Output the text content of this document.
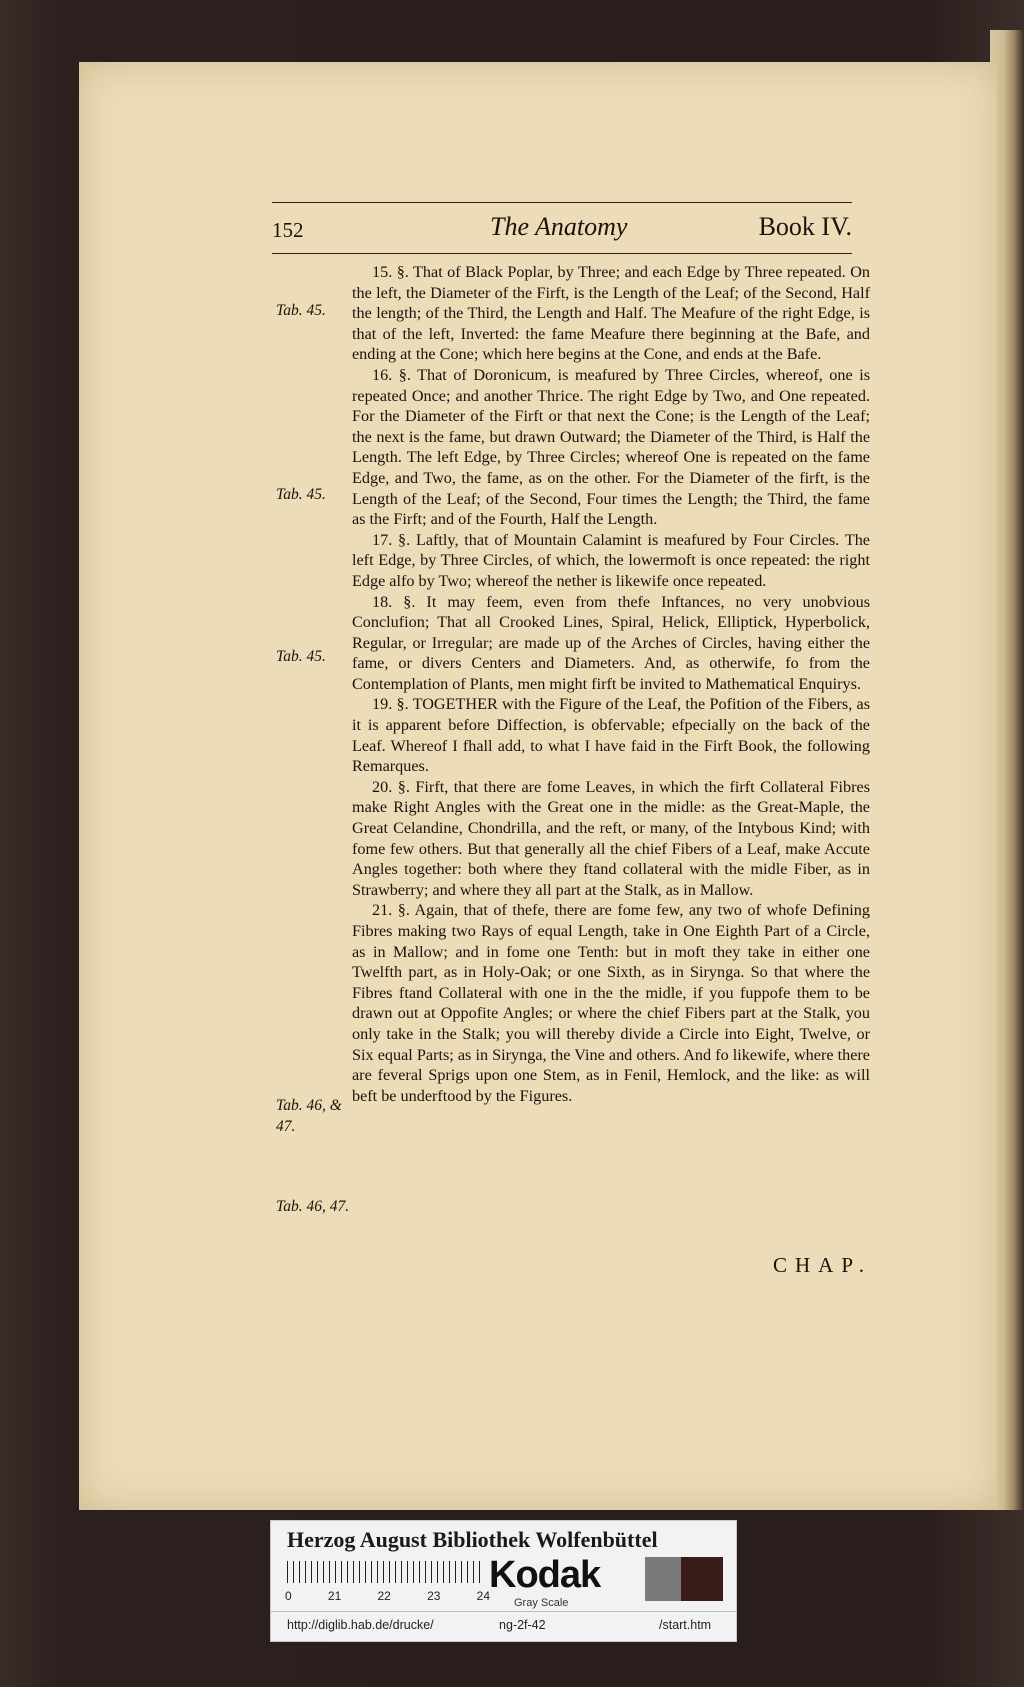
152	The Anatomy	Book IV.
Tab. 45.
Tab. 45.
Tab. 45.
Tab. 46, &
47.
Tab. 46, 47.

15. §. That of Black Poplar, by Three; and each Edge by Three repeated. On the left, the Diameter of the Firft, is the Length of the Leaf; of the Second, Half the length; of the Third, the Length and Half. The Meafure of the right Edge, is that of the left, Inverted: the fame Meafure there beginning at the Bafe, and ending at the Cone; which here begins at the Cone, and ends at the Bafe.

16. §. That of Doronicum, is meafured by Three Circles, whereof, one is repeated Once; and another Thrice. The right Edge by Two, and One repeated. For the Diameter of the Firft or that next the Cone; is the Length of the Leaf; the next is the fame, but drawn Outward; the Diameter of the Third, is Half the Length. The left Edge, by Three Circles; whereof One is repeated on the fame Edge, and Two, the fame, as on the other. For the Diameter of the firft, is the Length of the Leaf; of the Second, Four times the Length; the Third, the fame as the Firft; and of the Fourth, Half the Length.

17. §. Laftly, that of Mountain Calamint is meafured by Four Circles. The left Edge, by Three Circles, of which, the lowermoft is once repeated: the right Edge alfo by Two; whereof the nether is likewife once repeated.

18. §. It may feem, even from thefe Inftances, no very unobvious Conclufion; That all Crooked Lines, Spiral, Helick, Elliptick, Hyperbolick, Regular, or Irregular; are made up of the Arches of Circles, having either the fame, or divers Centers and Diameters. And, as otherwife, fo from the Contemplation of Plants, men might firft be invited to Mathematical Enquirys.

19. §. TOGETHER with the Figure of the Leaf, the Pofition of the Fibers, as it is apparent before Diffection, is obfervable; efpecially on the back of the Leaf. Whereof I fhall add, to what I have faid in the Firft Book, the following Remarques.

20. §. Firft, that there are fome Leaves, in which the firft Collateral Fibres make Right Angles with the Great one in the midle: as the Great-Maple, the Great Celandine, Chondrilla, and the reft, or many, of the Intybous Kind; with fome few others. But that generally all the chief Fibers of a Leaf, make Accute Angles together: both where they ftand collateral with the midle Fiber, as in Strawberry; and where they all part at the Stalk, as in Mallow.

21. §. Again, that of thefe, there are fome few, any two of whofe Defining Fibres making two Rays of equal Length, take in One Eighth Part of a Circle, as in Mallow; and in fome one Tenth: but in moft they take in either one Twelfth part, as in Holy-Oak; or one Sixth, as in Sirynga. So that where the Fibres ftand Collateral with one in the the midle, if you fuppofe them to be drawn out at Oppofite Angles; or where the chief Fibers part at the Stalk, you only take in the Stalk; you will thereby divide a Circle into Eight, Twelve, or Six equal Parts; as in Sirynga, the Vine and others. And fo likewife, where there are feveral Sprigs upon one Stem, as in Fenil, Hemlock, and the like: as will beft be underftood by the Figures.

CHAP.
Herzog August Bibliothek Wolfenbüttel
0	21	22	23	24 Kodak
Gray Scale
http://diglib.hab.de/drucke/	ng-2f-42	/start.htm
